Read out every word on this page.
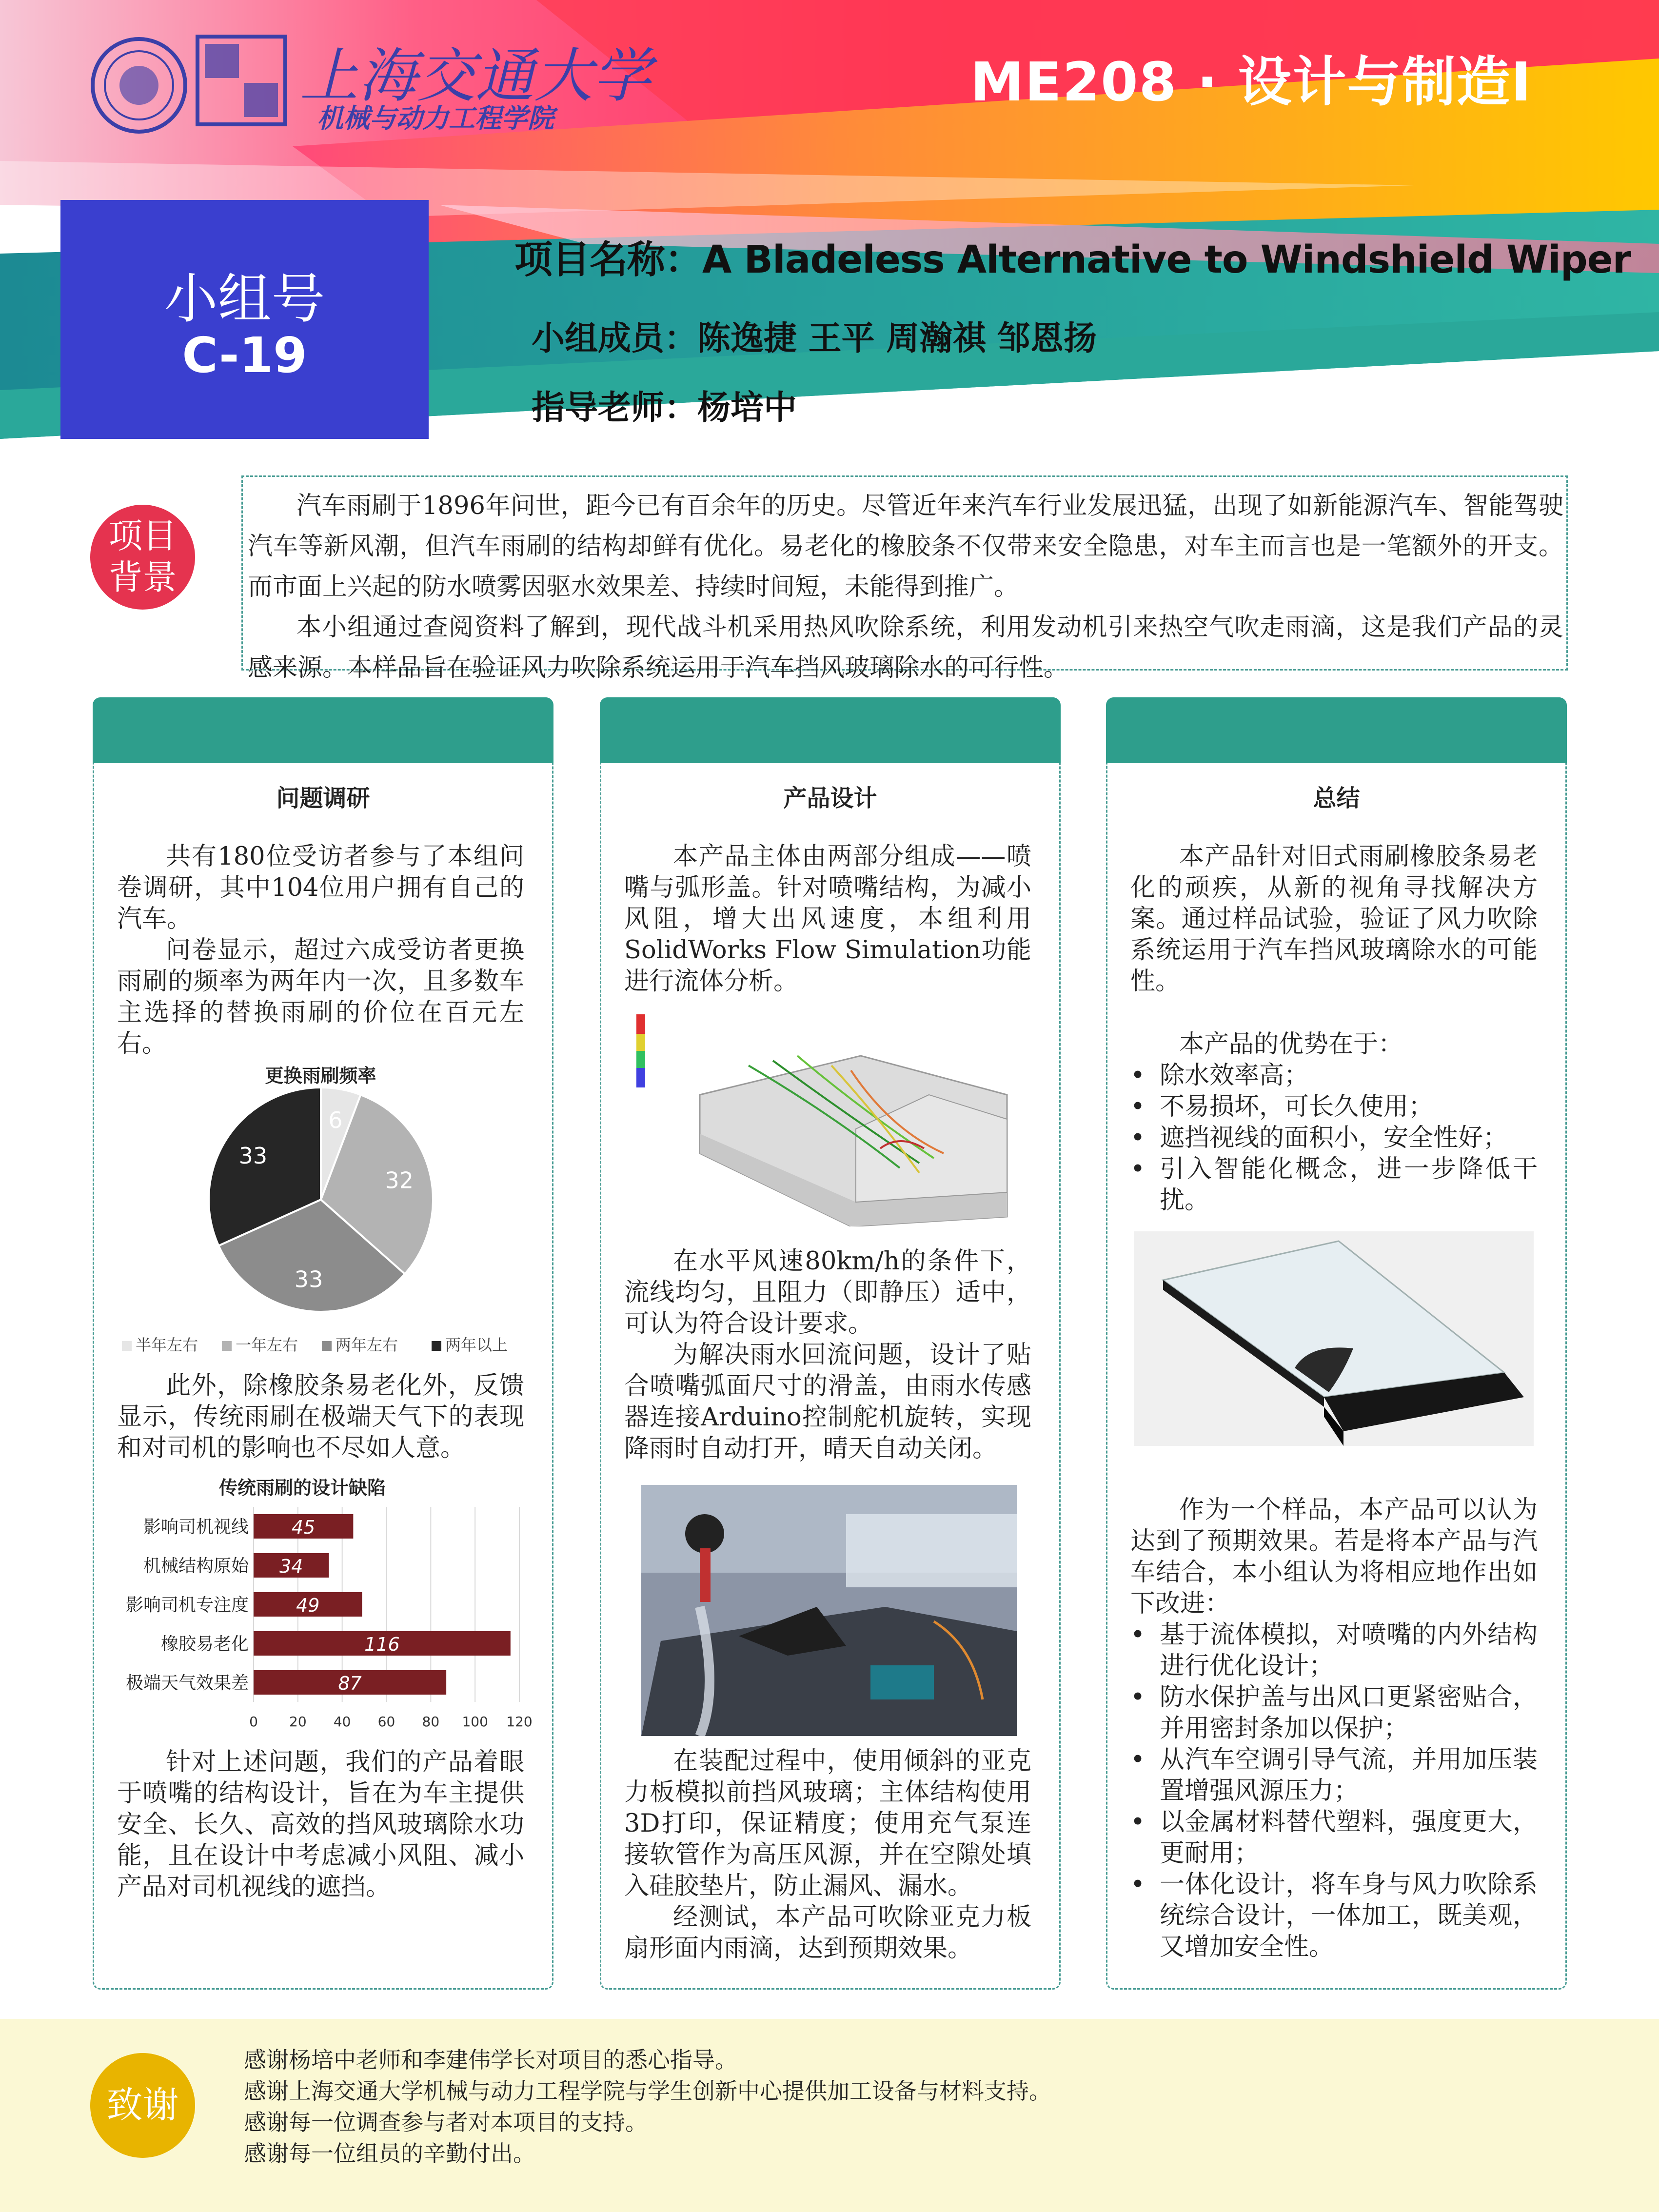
上海交通大学
机械与动力工程学院
ME208 · 设计与制造Ⅰ
小组号
C-19
项目名称：A Bladeless Alternative to Windshield Wiper
小组成员：陈逸捷 王平 周瀚祺 邹恩扬
指导老师：杨培中
项目
背景

汽车雨刷于1896年问世，距今已有百余年的历史。尽管近年来汽车行业发展迅猛，出现了如新能源汽车、智能驾驶汽车等新风潮，但汽车雨刷的结构却鲜有优化。易老化的橡胶条不仅带来安全隐患，对车主而言也是一笔额外的开支。而市面上兴起的防水喷雾因驱水效果差、持续时间短，未能得到推广。

本小组通过查阅资料了解到，现代战斗机采用热风吹除系统，利用发动机引来热空气吹走雨滴，这是我们产品的灵感来源。本样品旨在验证风力吹除系统运用于汽车挡风玻璃除水的可行性。

问题调研

共有180位受访者参与了本组问卷调研，其中104位用户拥有自己的汽车。

问卷显示，超过六成受访者更换雨刷的频率为两年内一次，且多数车主选择的替换雨刷的价位在百元左右。

更换雨刷频率
6
32
33
33
半年左右 一年左右 两年左右	两年以上

此外，除橡胶条易老化外，反馈显示，传统雨刷在极端天气下的表现和对司机的影响也不尽如人意。

传统雨刷的设计缺陷
0 20 40 60 80 100 120
影响司机视线 45
机械结构原始 34
影响司机专注度	49
橡胶易老化	116
极端天气效果差	87

针对上述问题，我们的产品着眼于喷嘴的结构设计，旨在为车主提供安全、长久、高效的挡风玻璃除水功能，且在设计中考虑减小风阻、减小产品对司机视线的遮挡。

产品设计

本产品主体由两部分组成——喷嘴与弧形盖。针对喷嘴结构，为减小风阻，增大出风速度，本组利用SolidWorks Flow Simulation功能进行流体分析。

在水平风速80km/h的条件下，流线均匀，且阻力（即静压）适中，可认为符合设计要求。

为解决雨水回流问题，设计了贴合喷嘴弧面尺寸的滑盖，由雨水传感器连接Arduino控制舵机旋转，实现降雨时自动打开，晴天自动关闭。

在装配过程中，使用倾斜的亚克力板模拟前挡风玻璃；主体结构使用3D打印，保证精度；使用充气泵连接软管作为高压风源，并在空隙处填入硅胶垫片，防止漏风、漏水。

经测试，本产品可吹除亚克力板扇形面内雨滴，达到预期效果。

总结

本产品针对旧式雨刷橡胶条易老化的顽疾，从新的视角寻找解决方案。通过样品试验，验证了风力吹除系统运用于汽车挡风玻璃除水的可能性。

本产品的优势在于：

• 除水效率高；
• 不易损坏，可长久使用；
• 遮挡视线的面积小，安全性好；
• 引入智能化概念，进一步降低干扰。

作为一个样品，本产品可以认为达到了预期效果。若是将本产品与汽车结合，本小组认为将相应地作出如下改进：

• 基于流体模拟，对喷嘴的内外结构进行优化设计；
• 防水保护盖与出风口更紧密贴合，并用密封条加以保护；
• 从汽车空调引导气流，并用加压装置增强风源压力；
• 以金属材料替代塑料，强度更大，更耐用；
• 一体化设计，将车身与风力吹除系统综合设计，一体加工，既美观，又增加安全性。
致谢
感谢杨培中老师和李建伟学长对项目的悉心指导。
感谢上海交通大学机械与动力工程学院与学生创新中心提供加工设备与材料支持。
感谢每一位调查参与者对本项目的支持。
感谢每一位组员的辛勤付出。
